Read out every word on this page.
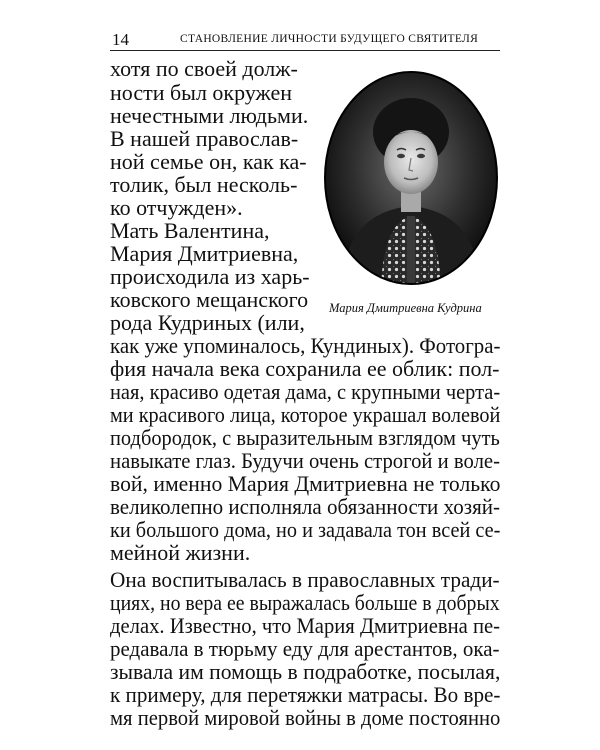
14	СТАНОВЛЕНИЕ ЛИЧНОСТИ БУДУЩЕГО СВЯТИТЕЛЯ
Мария Дмитриевна Кудрина
хотя по своей долж-
ности был окружен
нечестными людьми.
В нашей православ-
ной семье он, как ка-
толик, был несколь-
ко отчужден».
Мать Валентина,
Мария Дмитриевна,
происходила из харь-
ковского мещанского
рода Кудриных (или,
как уже упоминалось, Кундиных). Фотогра-
фия начала века сохранила ее облик: пол-
ная, красиво одетая дама, с крупными черта-
ми красивого лица, которое украшал волевой
подбородок, с выразительным взглядом чуть
навыкате глаз. Будучи очень строгой и воле-
вой, именно Мария Дмитриевна не только
великолепно исполняла обязанности хозяй-
ки большого дома, но и задавала тон всей се-
мейной жизни.
Она воспитывалась в православных тради-
циях, но вера ее выражалась больше в добрых
делах. Известно, что Мария Дмитриевна пе-
редавала в тюрьму еду для арестантов, ока-
зывала им помощь в подработке, посылая,
к примеру, для перетяжки матрасы. Во вре-
мя первой мировой войны в доме постоянно
